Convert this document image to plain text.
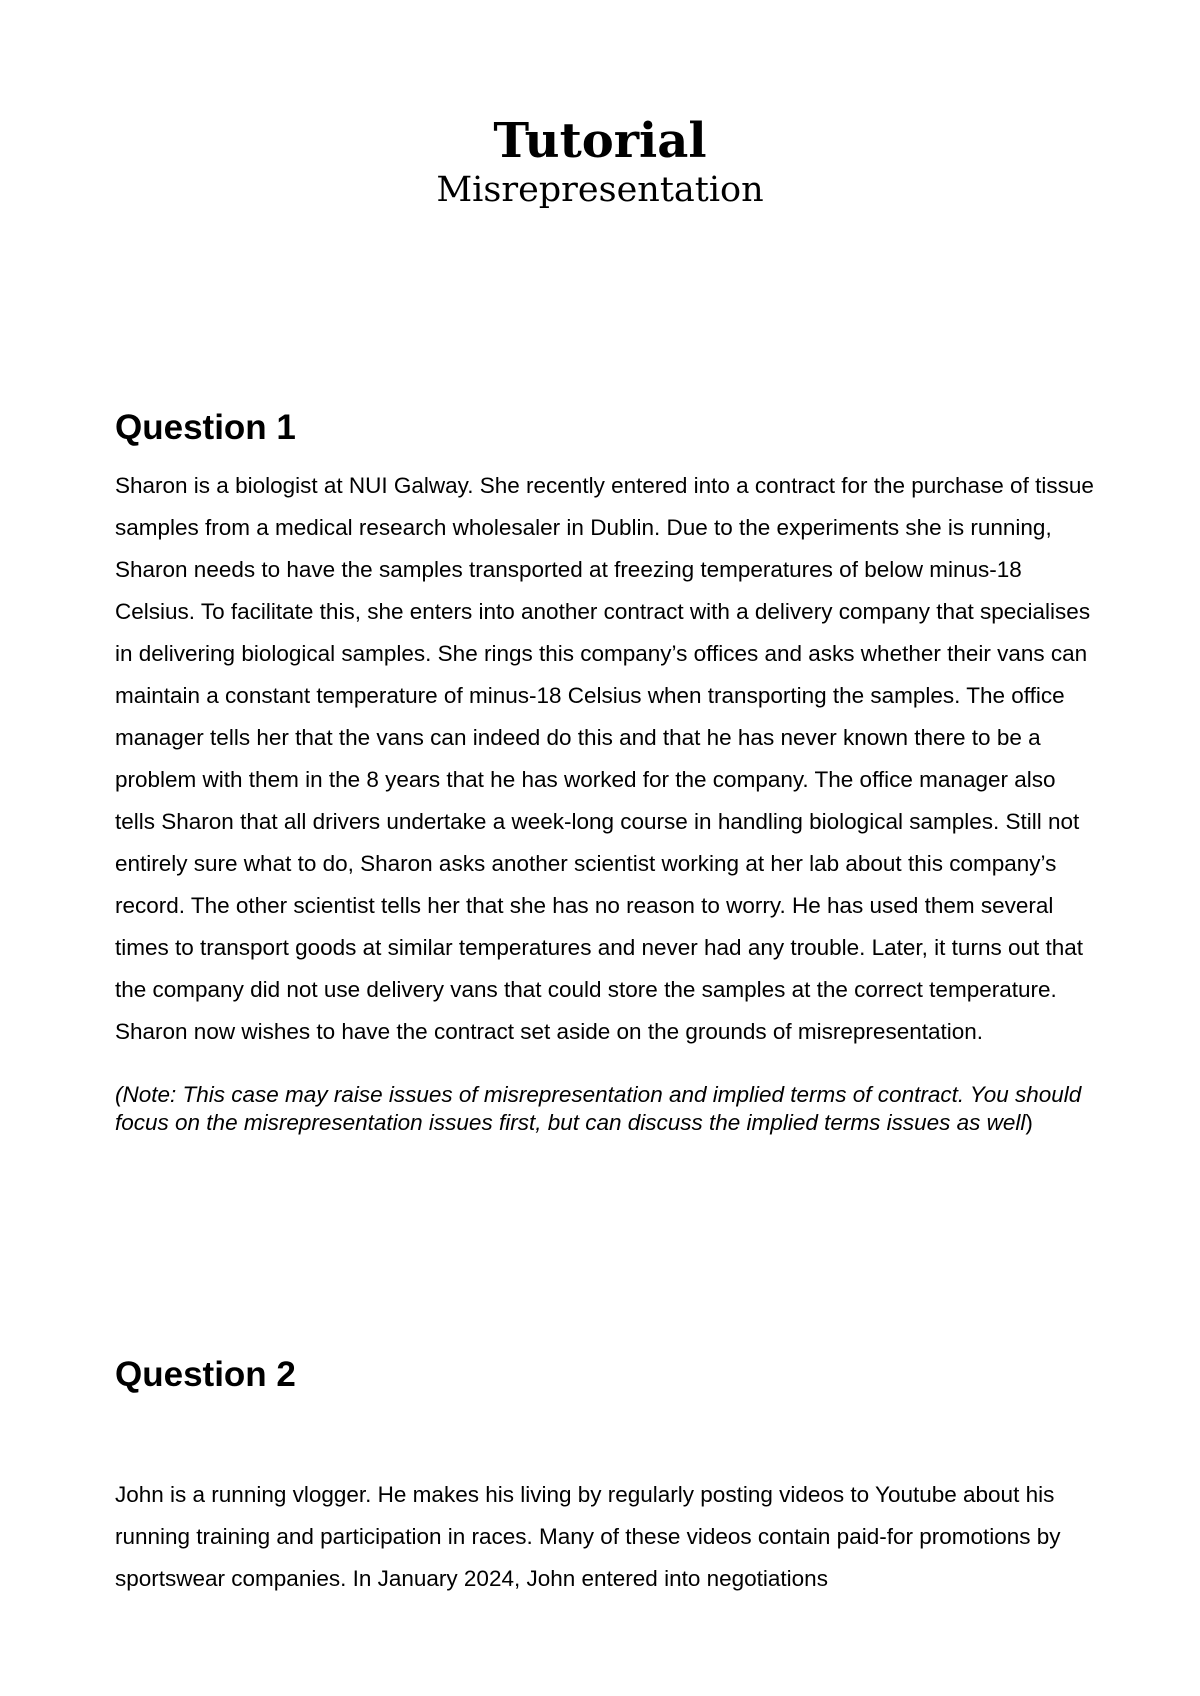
Tutorial

Misrepresentation

Question 1

Sharon is a biologist at NUI Galway. She recently entered into a contract for the purchase of tissue samples from a medical research wholesaler in Dublin. Due to the experiments she is running, Sharon needs to have the samples transported at freezing temperatures of below minus-18 Celsius. To facilitate this, she enters into another contract with a delivery company that specialises in delivering biological samples. She rings this company’s offices and asks whether their vans can maintain a constant temperature of minus-18 Celsius when transporting the samples. The office manager tells her that the vans can indeed do this and that he has never known there to be a problem with them in the 8 years that he has worked for the company. The office manager also tells Sharon that all drivers undertake a week-long course in handling biological samples. Still not entirely sure what to do, Sharon asks another scientist working at her lab about this company’s record. The other scientist tells her that she has no reason to worry. He has used them several times to transport goods at similar temperatures and never had any trouble. Later, it turns out that the company did not use delivery vans that could store the samples at the correct temperature. Sharon now wishes to have the contract set aside on the grounds of misrepresentation.

(Note: This case may raise issues of misrepresentation and implied terms of contract. You should focus on the misrepresentation issues first, but can discuss the implied terms issues as well)

Question 2

John is a running vlogger. He makes his living by regularly posting videos to Youtube about his running training and participation in races. Many of these videos contain paid-for promotions by sportswear companies. In January 2024, John entered into negotiations
